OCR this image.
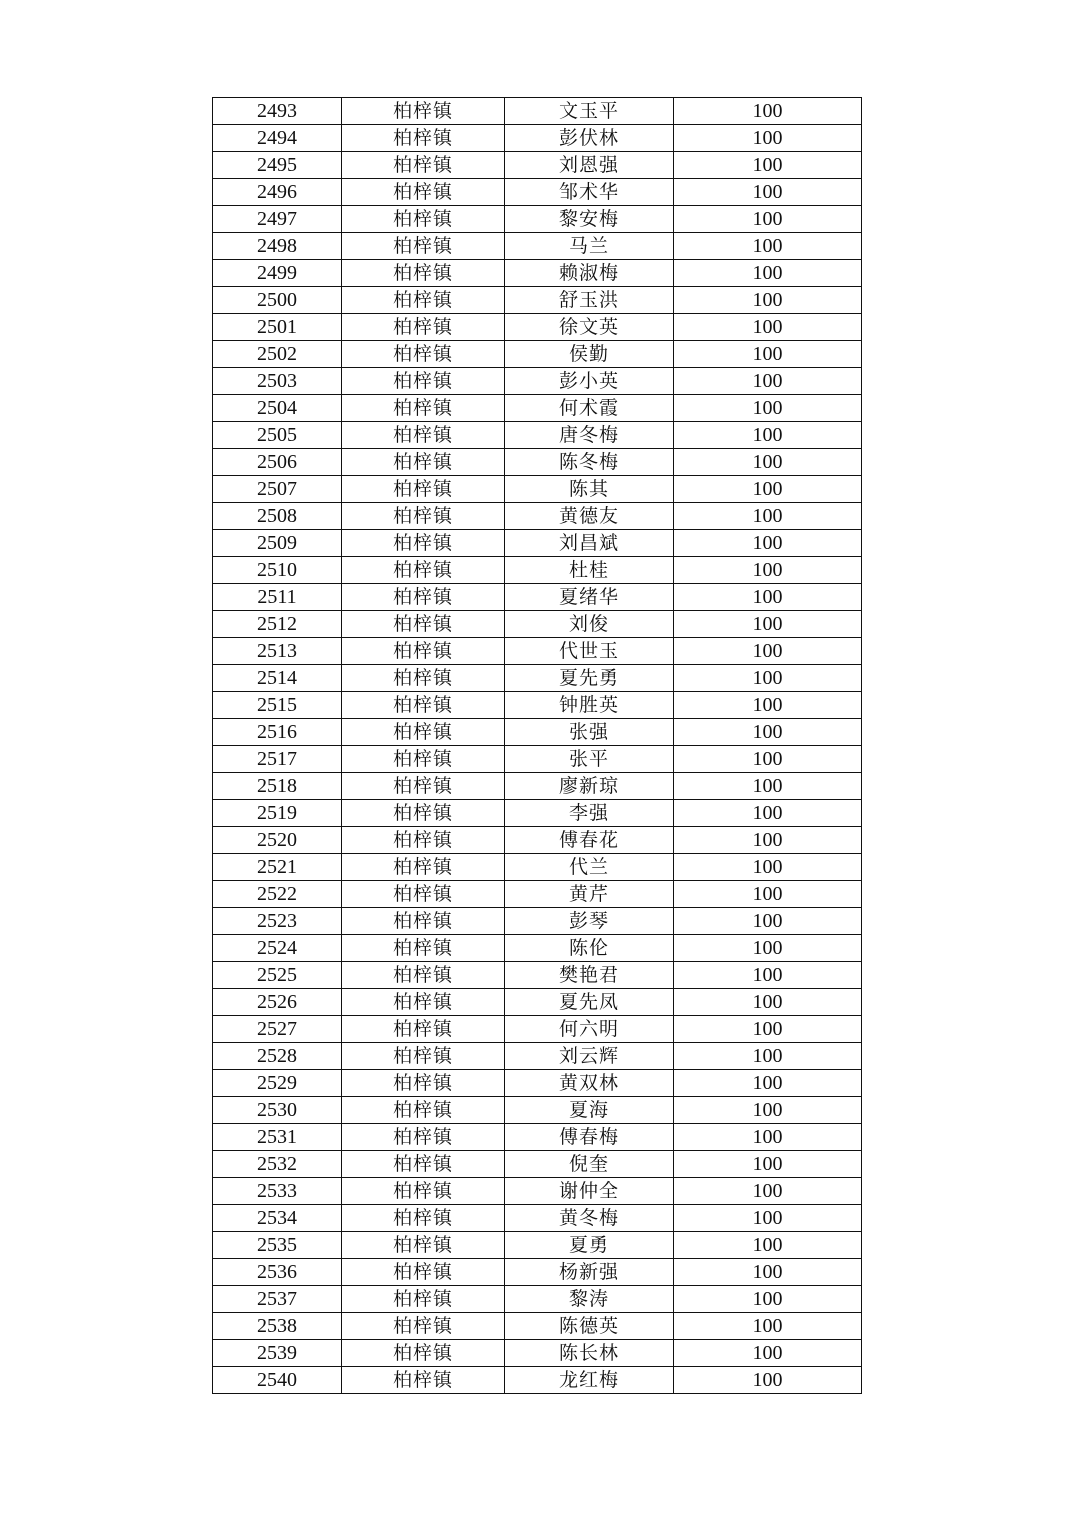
2493	柏梓镇	文玉平	100
2494	柏梓镇	彭伏林	100
2495	柏梓镇	刘恩强	100
2496	柏梓镇	邹术华	100
2497	柏梓镇	黎安梅	100
2498	柏梓镇	马兰	100
2499	柏梓镇	赖淑梅	100
2500	柏梓镇	舒玉洪	100
2501	柏梓镇	徐文英	100
2502	柏梓镇	侯勤	100
2503	柏梓镇	彭小英	100
2504	柏梓镇	何术霞	100
2505	柏梓镇	唐冬梅	100
2506	柏梓镇	陈冬梅	100
2507	柏梓镇	陈其	100
2508	柏梓镇	黄德友	100
2509	柏梓镇	刘昌斌	100
2510	柏梓镇	杜桂	100
2511	柏梓镇	夏绪华	100
2512	柏梓镇	刘俊	100
2513	柏梓镇	代世玉	100
2514	柏梓镇	夏先勇	100
2515	柏梓镇	钟胜英	100
2516	柏梓镇	张强	100
2517	柏梓镇	张平	100
2518	柏梓镇	廖新琼	100
2519	柏梓镇	李强	100
2520	柏梓镇	傅春花	100
2521	柏梓镇	代兰	100
2522	柏梓镇	黄芹	100
2523	柏梓镇	彭琴	100
2524	柏梓镇	陈伦	100
2525	柏梓镇	樊艳君	100
2526	柏梓镇	夏先凤	100
2527	柏梓镇	何六明	100
2528	柏梓镇	刘云辉	100
2529	柏梓镇	黄双林	100
2530	柏梓镇	夏海	100
2531	柏梓镇	傅春梅	100
2532	柏梓镇	倪奎	100
2533	柏梓镇	谢仲全	100
2534	柏梓镇	黄冬梅	100
2535	柏梓镇	夏勇	100
2536	柏梓镇	杨新强	100
2537	柏梓镇	黎涛	100
2538	柏梓镇	陈德英	100
2539	柏梓镇	陈长林	100
2540	柏梓镇	龙红梅	100
